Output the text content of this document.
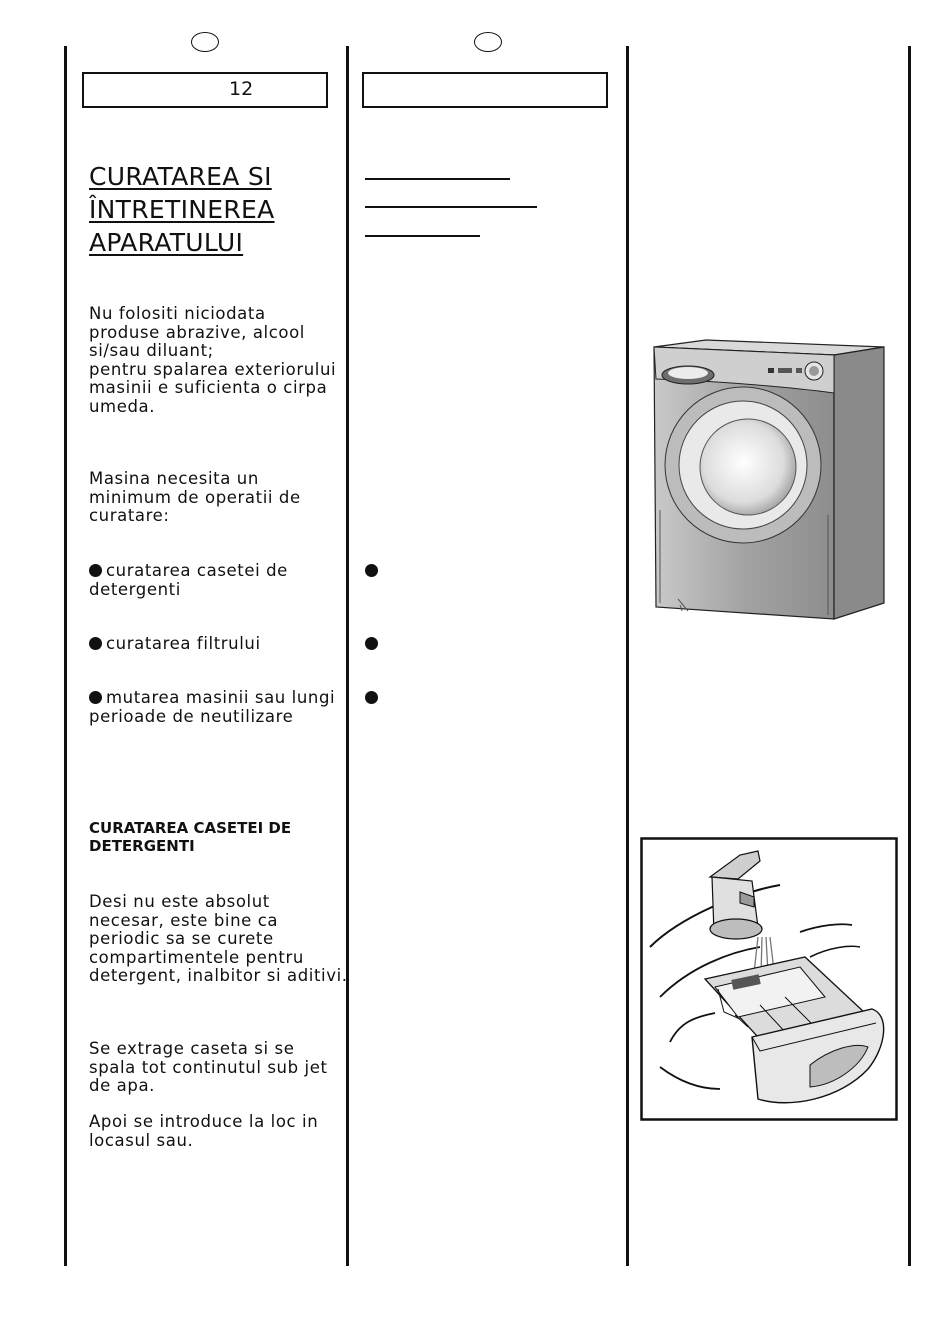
12
CURATAREA SI
ÎNTRETINEREA
APARATULUI
Nu folositi niciodata
produse abrazive, alcool
si/sau diluant;
pentru spalarea exteriorului
masinii e suficienta o cirpa
umeda.
Masina necesita un
minimum de operatii de
curatare:
curatarea casetei de
detergenti
curatarea filtrului
mutarea masinii sau lungi
perioade de neutilizare
CURATAREA CASETEI DE
DETERGENTI
Desi nu este absolut
necesar, este bine ca
periodic sa se curete
compartimentele pentru
detergent, inalbitor si aditivi.
Se extrage caseta si se
spala tot continutul sub jet
de apa.
Apoi se introduce la loc in
locasul sau.
